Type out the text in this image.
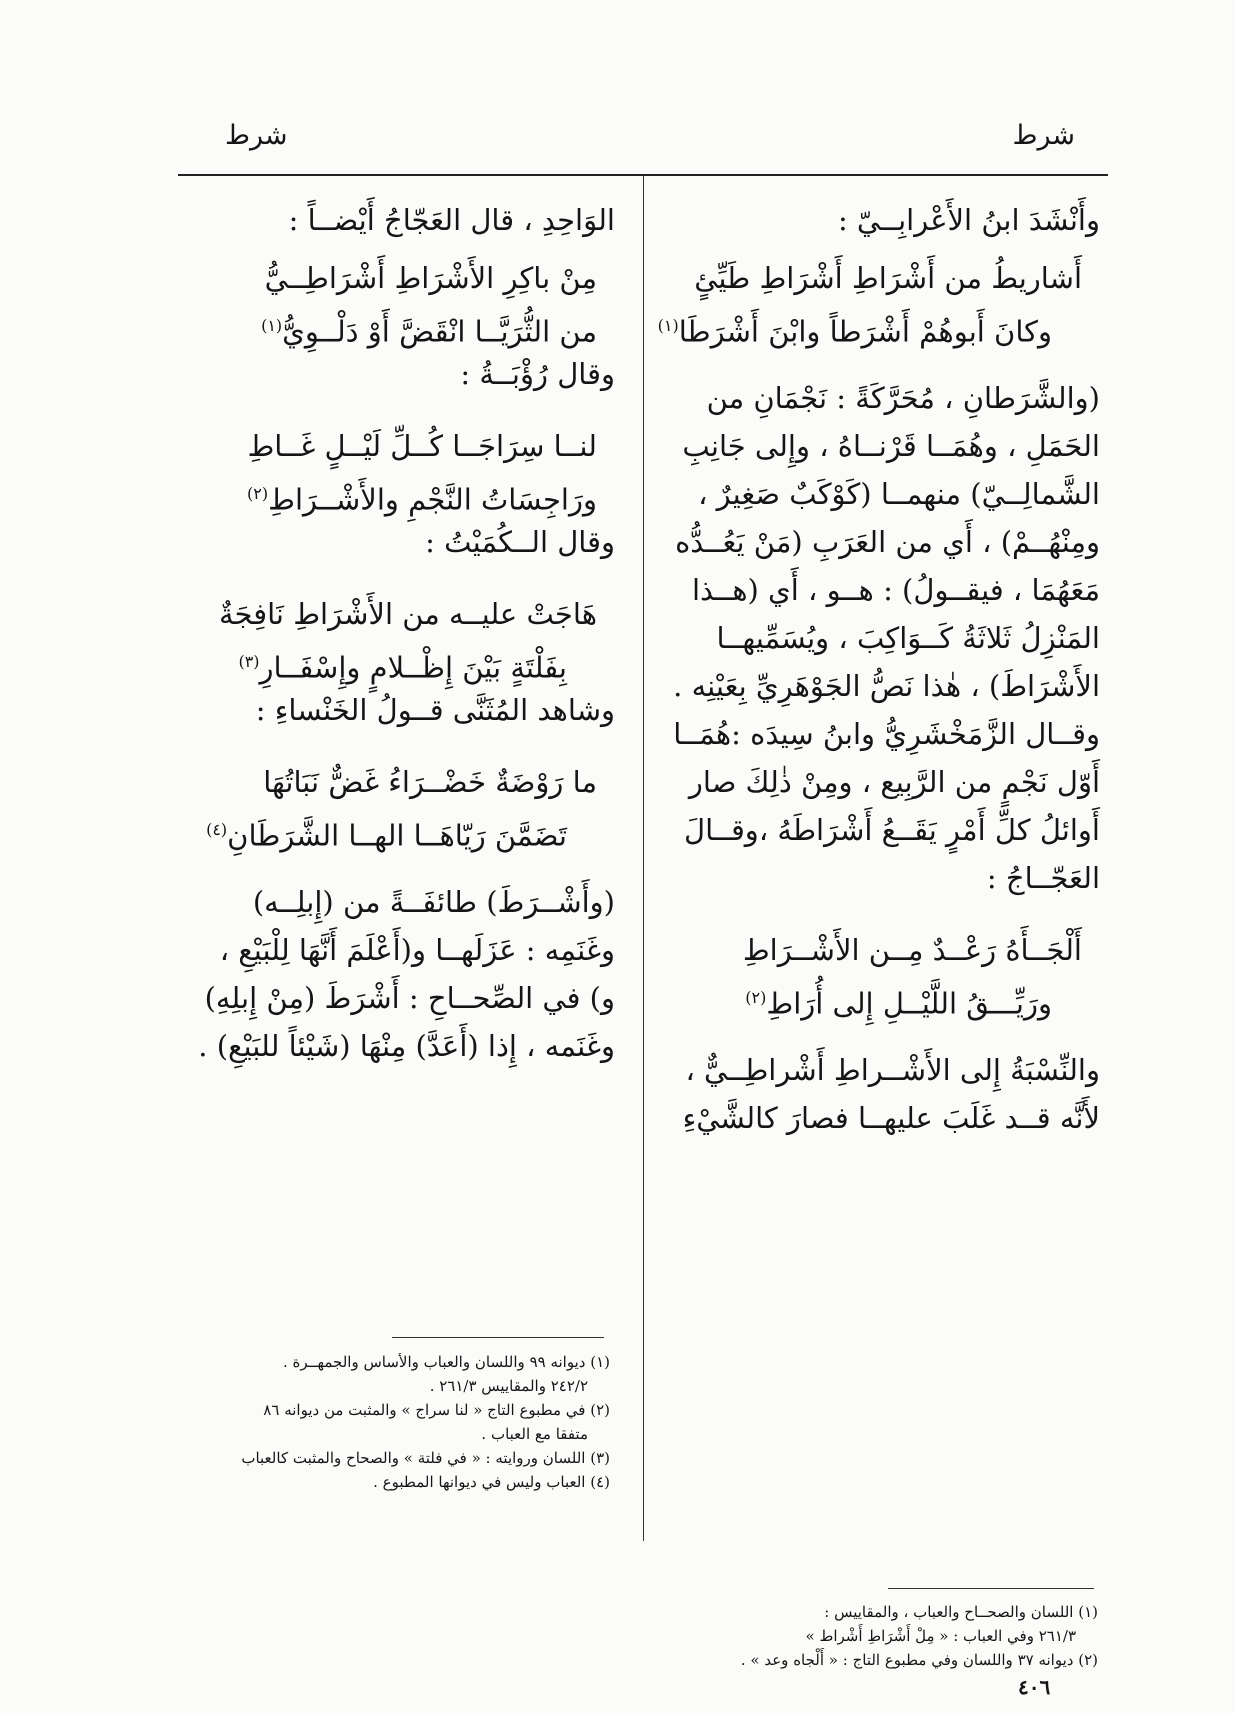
شرط
شرط
وأَنْشَدَ ابنُ الأَعْرابِــيّ :
أَشاريطُ من أَشْرَاطِ أَشْرَاطِ طَيِّئٍ
وكانَ أَبوهُمْ أَشْرَطاً وابْنَ أَشْرَطَا$^{(١)}$
(والشَّرَطانِ ، مُحَرَّكَةً : نَجْمَانِ من
الحَمَلِ ، وهُمَــا قَرْنــاهُ ، وإِلى جَانِبِ
الشَّمالِــيّ) منهمــا (كَوْكَبٌ صَغِيرٌ ،
ومِنْهُــمْ) ، أَي من العَرَبِ (مَنْ يَعُــدُّه
مَعَهُمَا ، فيقــولُ) : هــو ، أَي (هــذا
المَنْزِلُ ثَلاثَةُ كَــوَاكِبَ ، ويُسَمِّيهــا
الأَشْرَاطَ) ، هٰذا نَصُّ الجَوْهَرِيِّ بِعَيْنِه .
وقــال الزَّمَخْشَرِيُّ وابنُ سِيدَه :هُمَــا
أَوّل نَجْمٍ من الرَّبِيع ، ومِنْ ذٰلِكَ صار
أَوائلُ كلِّ أَمْرٍ يَقَــعُ أَشْرَاطَهُ ،وقــالَ
العَجّــاجُ :
أَلْجَــأَهُ رَعْــدٌ مِــن الأَشْــرَاطِ
ورَيِّـــقُ اللَّيْــلِ إِلى أُرَاطِ$^{(٢)}$
والنِّسْبَةُ إِلى الأَشْــراطِ أَشْراطِــيٌّ ،
لأَنَّه قــد غَلَبَ عليهــا فصارَ كالشَّيْءِ
الوَاحِدِ ، قال العَجّاجُ أَيْضــاً :
مِنْ باكِرِ الأَشْرَاطِ أَشْرَاطِــيُّ
من الثُّرَيَّــا انْقَضَّ أَوْ دَلْــوِيُّ$^{(١)}$
وقال رُؤْبَــةُ :
لنــا سِرَاجَــا كُــلِّ لَيْــلٍ غَــاطِ
ورَاجِسَاتُ النَّجْمِ والأَشْــرَاطِ$^{(٢)}$
وقال الــكُمَيْتُ :
هَاجَتْ عليــه من الأَشْرَاطِ نَافِجَةٌ
بِفَلْتَةٍ بَيْنَ إِظْــلامٍ وإِسْفَــارِ$^{(٣)}$
وشاهد المُثَنَّى قــولُ الخَنْساءِ :
ما رَوْضَةٌ خَضْــرَاءُ غَضٌّ نَبَاتُهَا
تَضَمَّنَ رَيّاهَــا الهــا الشَّرَطَانِ$^{(٤)}$
(وأَشْــرَطَ) طائفَــةً من (إِبلِــه)
وغَنَمِه : عَزَلَهــا و(أَعْلَمَ أَنَّهَا لِلْبَيْعِ ،
و) في الصِّحــاحِ : أَشْرَطَ (مِنْ إِبلِهِ)
وغَنَمه ، إِذا (أَعَدَّ) مِنْهَا (شَيْئاً للبَيْعِ) .
(١) اللسان والصحــاح والعباب ، والمقاييس :
٢٦١/٣ وفي العباب : « مِلْ أَشْرَاطِ أَشْراط »
(٢) ديوانه ٣٧ واللسان وفي مطبوع التاج : « أَلْجاه وعد » .
(١) ديوانه ٩٩ واللسان والعباب والأساس والجمهــرة .
٢٤٢/٢ والمقاييس ٢٦١/٣ .
(٢) في مطبوع التاج « لنا سراج » والمثبت من ديوانه ٨٦
متفقا مع العباب .
(٣) اللسان وروايته : « في فلتة » والصحاح والمثبت كالعباب
(٤) العباب وليس في ديوانها المطبوع .
٤٠٦
